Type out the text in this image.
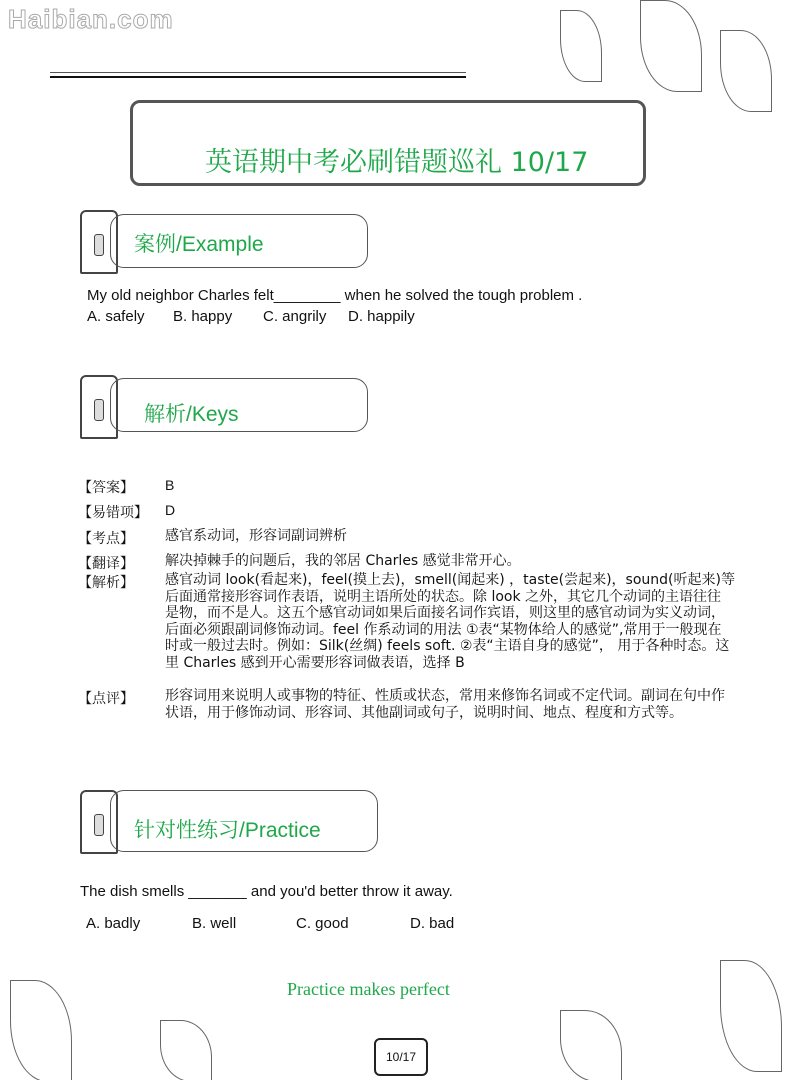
Haibian.com
英语期中考必刷错题巡礼 10/17
案例/Example
My old neighbor Charles felt________ when he solved the tough problem .
A. safely B. happy C. angrily D. happily
解析/Keys
【答案】	B
【易错项】	D
【考点】	感官系动词，形容词副词辨析
【翻译】	解决掉棘手的问题后，我的邻居 Charles 感觉非常开心。
【解析】	感官动词 look(看起来)，feel(摸上去)，smell(闻起来) ，taste(尝起来)，sound(听起来)等后面通常接形容词作表语，说明主语所处的状态。除 look 之外，其它几个动词的主语往往是物，而不是人。这五个感官动词如果后面接名词作宾语，则这里的感官动词为实义动词，后面必须跟副词修饰动词。feel 作系动词的用法 ①表“某物体给人的感觉”,常用于一般现在时或一般过去时。例如：Silk(丝绸) feels soft. ②表“主语自身的感觉”， 用于各种时态。这里 Charles 感到开心需要形容词做表语，选择 B
【点评】	形容词用来说明人或事物的特征、性质或状态，常用来修饰名词或不定代词。副词在句中作状语，用于修饰动词、形容词、其他副词或句子，说明时间、地点、程度和方式等。
针对性练习/Practice
The dish smells _______ and you'd better throw it away.
A. badly	B. well	C. good	D. bad
Practice makes perfect
10/17
